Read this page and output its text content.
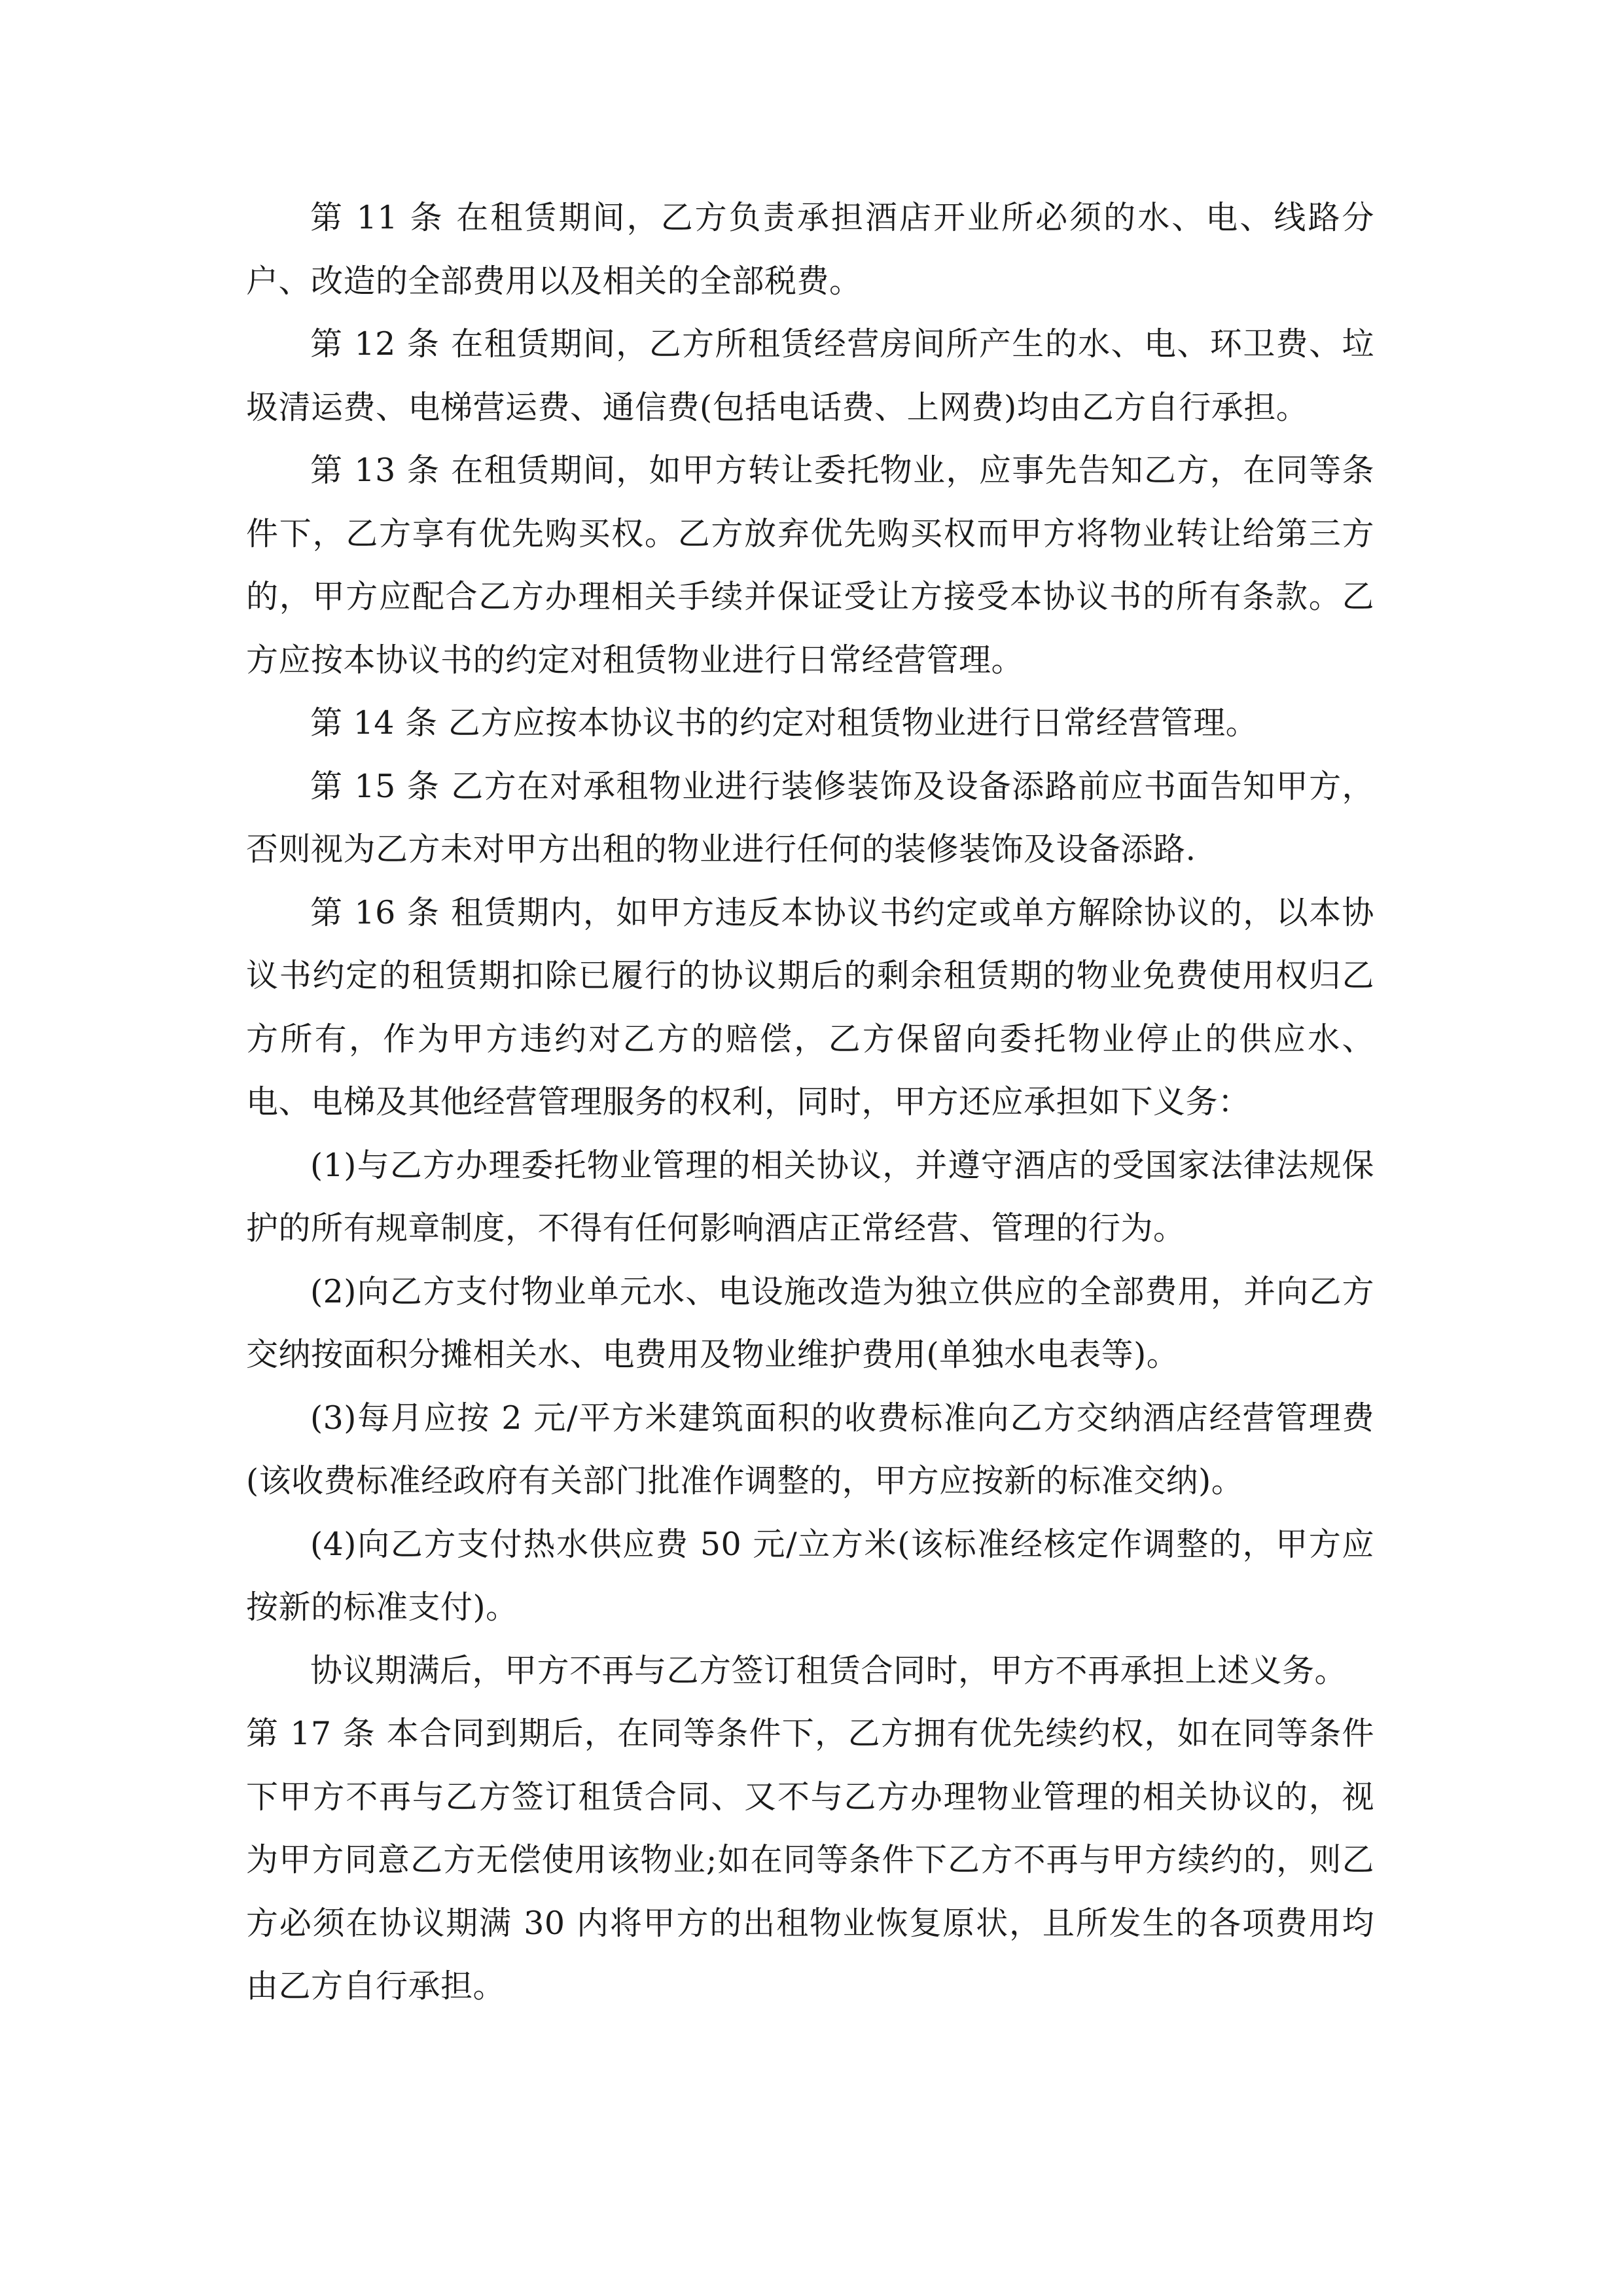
第 11 条 在租赁期间，乙方负责承担酒店开业所必须的水、电、线路分户、改造的全部费用以及相关的全部税费。

第 12 条 在租赁期间，乙方所租赁经营房间所产生的水、电、环卫费、垃圾清运费、电梯营运费、通信费(包括电话费、上网费)均由乙方自行承担。

第 13 条 在租赁期间，如甲方转让委托物业，应事先告知乙方，在同等条件下，乙方享有优先购买权。乙方放弃优先购买权而甲方将物业转让给第三方的，甲方应配合乙方办理相关手续并保证受让方接受本协议书的所有条款。乙方应按本协议书的约定对租赁物业进行日常经营管理。

第 14 条 乙方应按本协议书的约定对租赁物业进行日常经营管理。

第 15 条 乙方在对承租物业进行装修装饰及设备添路前应书面告知甲方，否则视为乙方未对甲方出租的物业进行任何的装修装饰及设备添路.

第 16 条 租赁期内，如甲方违反本协议书约定或单方解除协议的，以本协议书约定的租赁期扣除已履行的协议期后的剩余租赁期的物业免费使用权归乙方所有，作为甲方违约对乙方的赔偿，乙方保留向委托物业停止的供应水、电、电梯及其他经营管理服务的权利，同时，甲方还应承担如下义务：

(1)与乙方办理委托物业管理的相关协议，并遵守酒店的受国家法律法规保护的所有规章制度，不得有任何影响酒店正常经营、管理的行为。

(2)向乙方支付物业单元水、电设施改造为独立供应的全部费用，并向乙方交纳按面积分摊相关水、电费用及物业维护费用(单独水电表等)。

(3)每月应按 2 元/平方米建筑面积的收费标准向乙方交纳酒店经营管理费(该收费标准经政府有关部门批准作调整的，甲方应按新的标准交纳)。

(4)向乙方支付热水供应费 50 元/立方米(该标准经核定作调整的，甲方应按新的标准支付)。

协议期满后，甲方不再与乙方签订租赁合同时，甲方不再承担上述义务。

第 17 条 本合同到期后，在同等条件下，乙方拥有优先续约权，如在同等条件下甲方不再与乙方签订租赁合同、又不与乙方办理物业管理的相关协议的，视为甲方同意乙方无偿使用该物业;如在同等条件下乙方不再与甲方续约的，则乙方必须在协议期满 30 内将甲方的出租物业恢复原状，且所发生的各项费用均由乙方自行承担。
